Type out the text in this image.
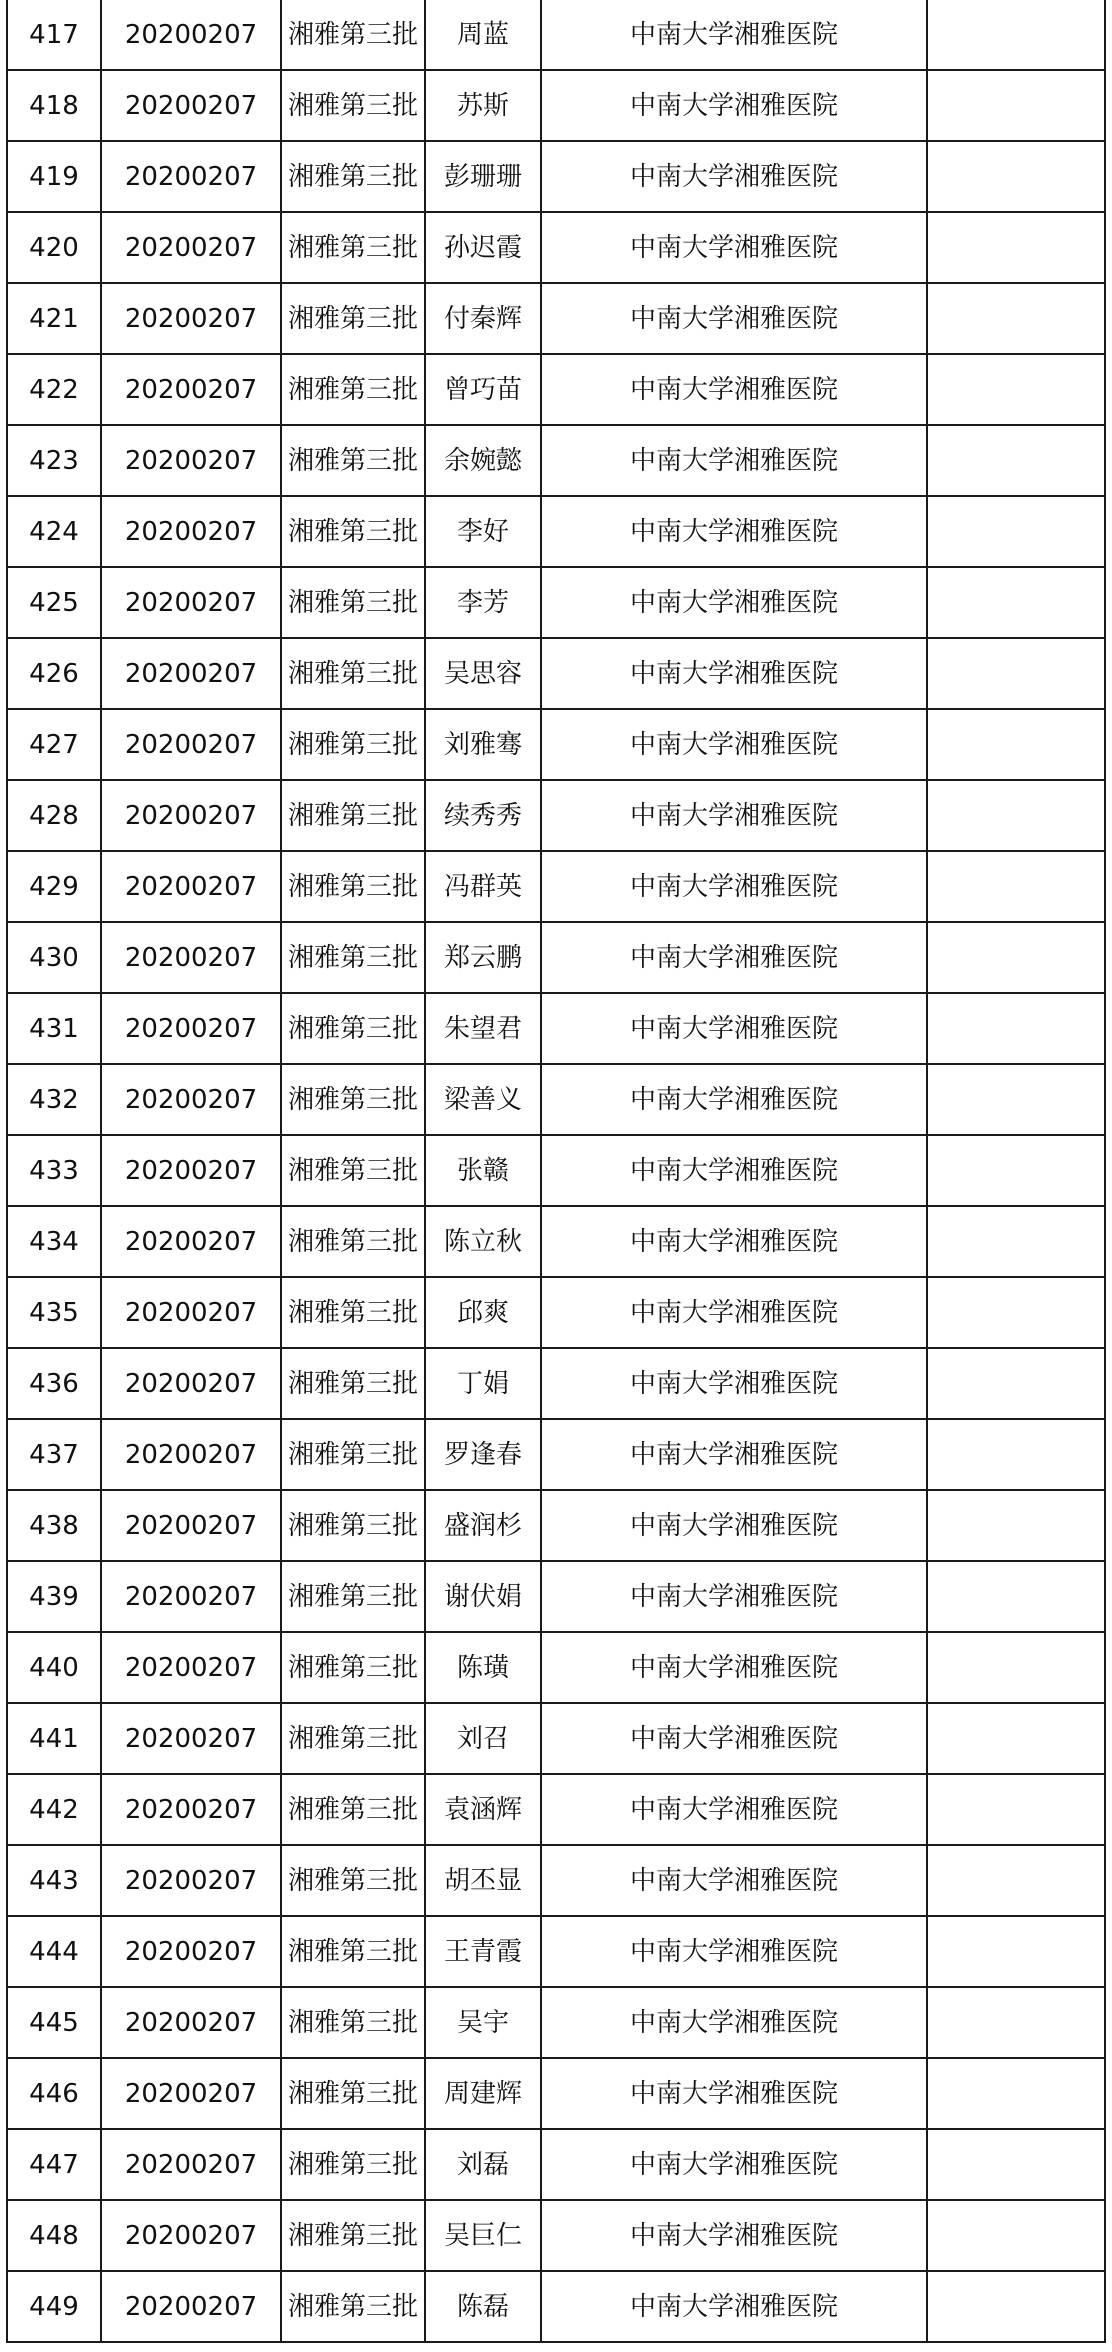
417	20200207	湘雅第三批	周蓝	中南大学湘雅医院	
418	20200207	湘雅第三批	苏斯	中南大学湘雅医院	
419	20200207	湘雅第三批	彭珊珊	中南大学湘雅医院	
420	20200207	湘雅第三批	孙迟霞	中南大学湘雅医院	
421	20200207	湘雅第三批	付秦辉	中南大学湘雅医院	
422	20200207	湘雅第三批	曾巧苗	中南大学湘雅医院	
423	20200207	湘雅第三批	余婉懿	中南大学湘雅医院	
424	20200207	湘雅第三批	李好	中南大学湘雅医院	
425	20200207	湘雅第三批	李芳	中南大学湘雅医院	
426	20200207	湘雅第三批	吴思容	中南大学湘雅医院	
427	20200207	湘雅第三批	刘雅骞	中南大学湘雅医院	
428	20200207	湘雅第三批	续秀秀	中南大学湘雅医院	
429	20200207	湘雅第三批	冯群英	中南大学湘雅医院	
430	20200207	湘雅第三批	郑云鹏	中南大学湘雅医院	
431	20200207	湘雅第三批	朱望君	中南大学湘雅医院	
432	20200207	湘雅第三批	梁善义	中南大学湘雅医院	
433	20200207	湘雅第三批	张赣	中南大学湘雅医院	
434	20200207	湘雅第三批	陈立秋	中南大学湘雅医院	
435	20200207	湘雅第三批	邱爽	中南大学湘雅医院	
436	20200207	湘雅第三批	丁娟	中南大学湘雅医院	
437	20200207	湘雅第三批	罗逢春	中南大学湘雅医院	
438	20200207	湘雅第三批	盛润杉	中南大学湘雅医院	
439	20200207	湘雅第三批	谢伏娟	中南大学湘雅医院	
440	20200207	湘雅第三批	陈璜	中南大学湘雅医院	
441	20200207	湘雅第三批	刘召	中南大学湘雅医院	
442	20200207	湘雅第三批	袁涵辉	中南大学湘雅医院	
443	20200207	湘雅第三批	胡丕显	中南大学湘雅医院	
444	20200207	湘雅第三批	王青霞	中南大学湘雅医院	
445	20200207	湘雅第三批	吴宇	中南大学湘雅医院	
446	20200207	湘雅第三批	周建辉	中南大学湘雅医院	
447	20200207	湘雅第三批	刘磊	中南大学湘雅医院	
448	20200207	湘雅第三批	吴巨仁	中南大学湘雅医院	
449	20200207	湘雅第三批	陈磊	中南大学湘雅医院	
